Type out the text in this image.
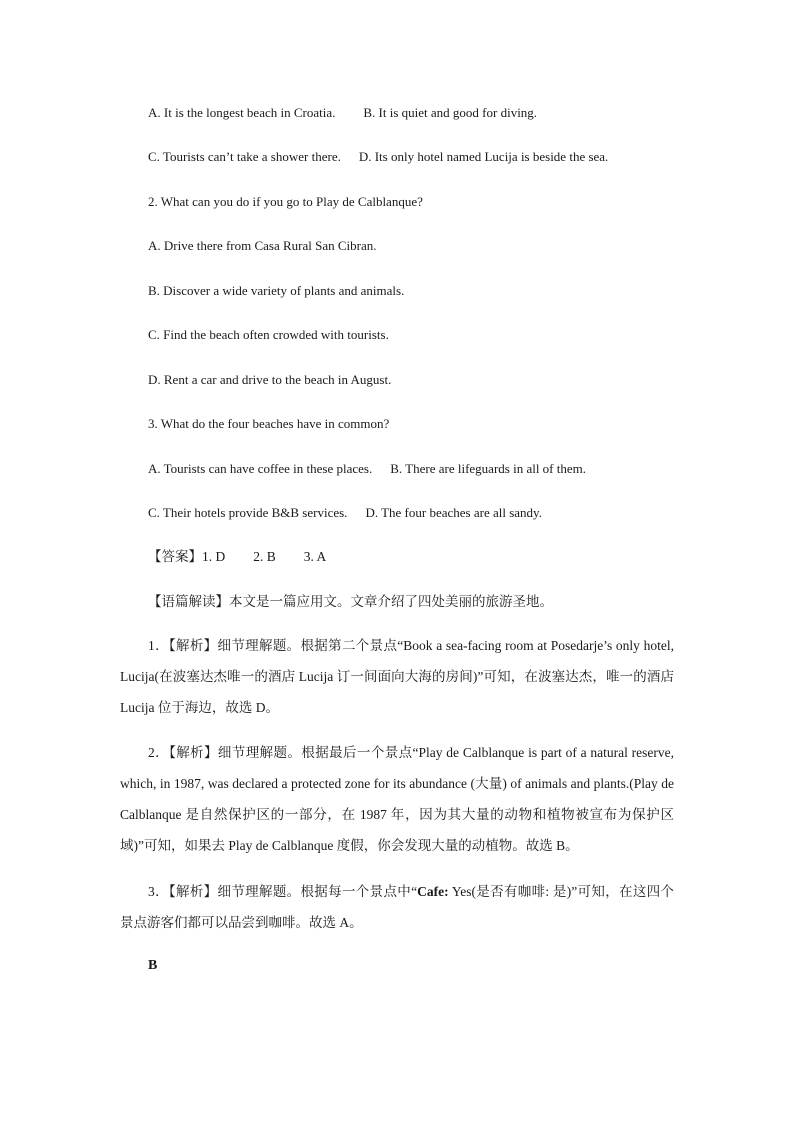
A. It is the longest beach in Croatia. B. It is quiet and good for diving.
C. Tourists can’t take a shower there. D. Its only hotel named Lucija is beside the sea.
2. What can you do if you go to Play de Calblanque?
A. Drive there from Casa Rural San Cibran.
B. Discover a wide variety of plants and animals.
C. Find the beach often crowded with tourists.
D. Rent a car and drive to the beach in August.
3. What do the four beaches have in common?
A. Tourists can have coffee in these places. B. There are lifeguards in all of them.
C. Their hotels provide B&B services. D. The four beaches are all sandy.
【答案】1. D 2. B 3. A
【语篇解读】本文是一篇应用文。文章介绍了四处美丽的旅游圣地。
1．【解析】细节理解题。根据第二个景点“Book a sea-facing room at Posedarje’s only hotel, Lucija(在波塞达杰唯一的酒店 Lucija 订一间面向大海的房间)”可知，在波塞达杰，唯一的酒店 Lucija 位于海边，故选 D。
2．【解析】细节理解题。根据最后一个景点“Play de Calblanque is part of a natural reserve, which, in 1987, was declared a protected zone for its abundance (大量) of animals and plants.(Play de Calblanque 是自然保护区的一部分，在 1987 年，因为其大量的动物和植物被宣布为保护区域)”可知，如果去 Play de Calblanque 度假，你会发现大量的动植物。故选 B。
3．【解析】细节理解题。根据每一个景点中“Cafe: Yes(是否有咖啡: 是)”可知，在这四个景点游客们都可以品尝到咖啡。故选 A。
B
